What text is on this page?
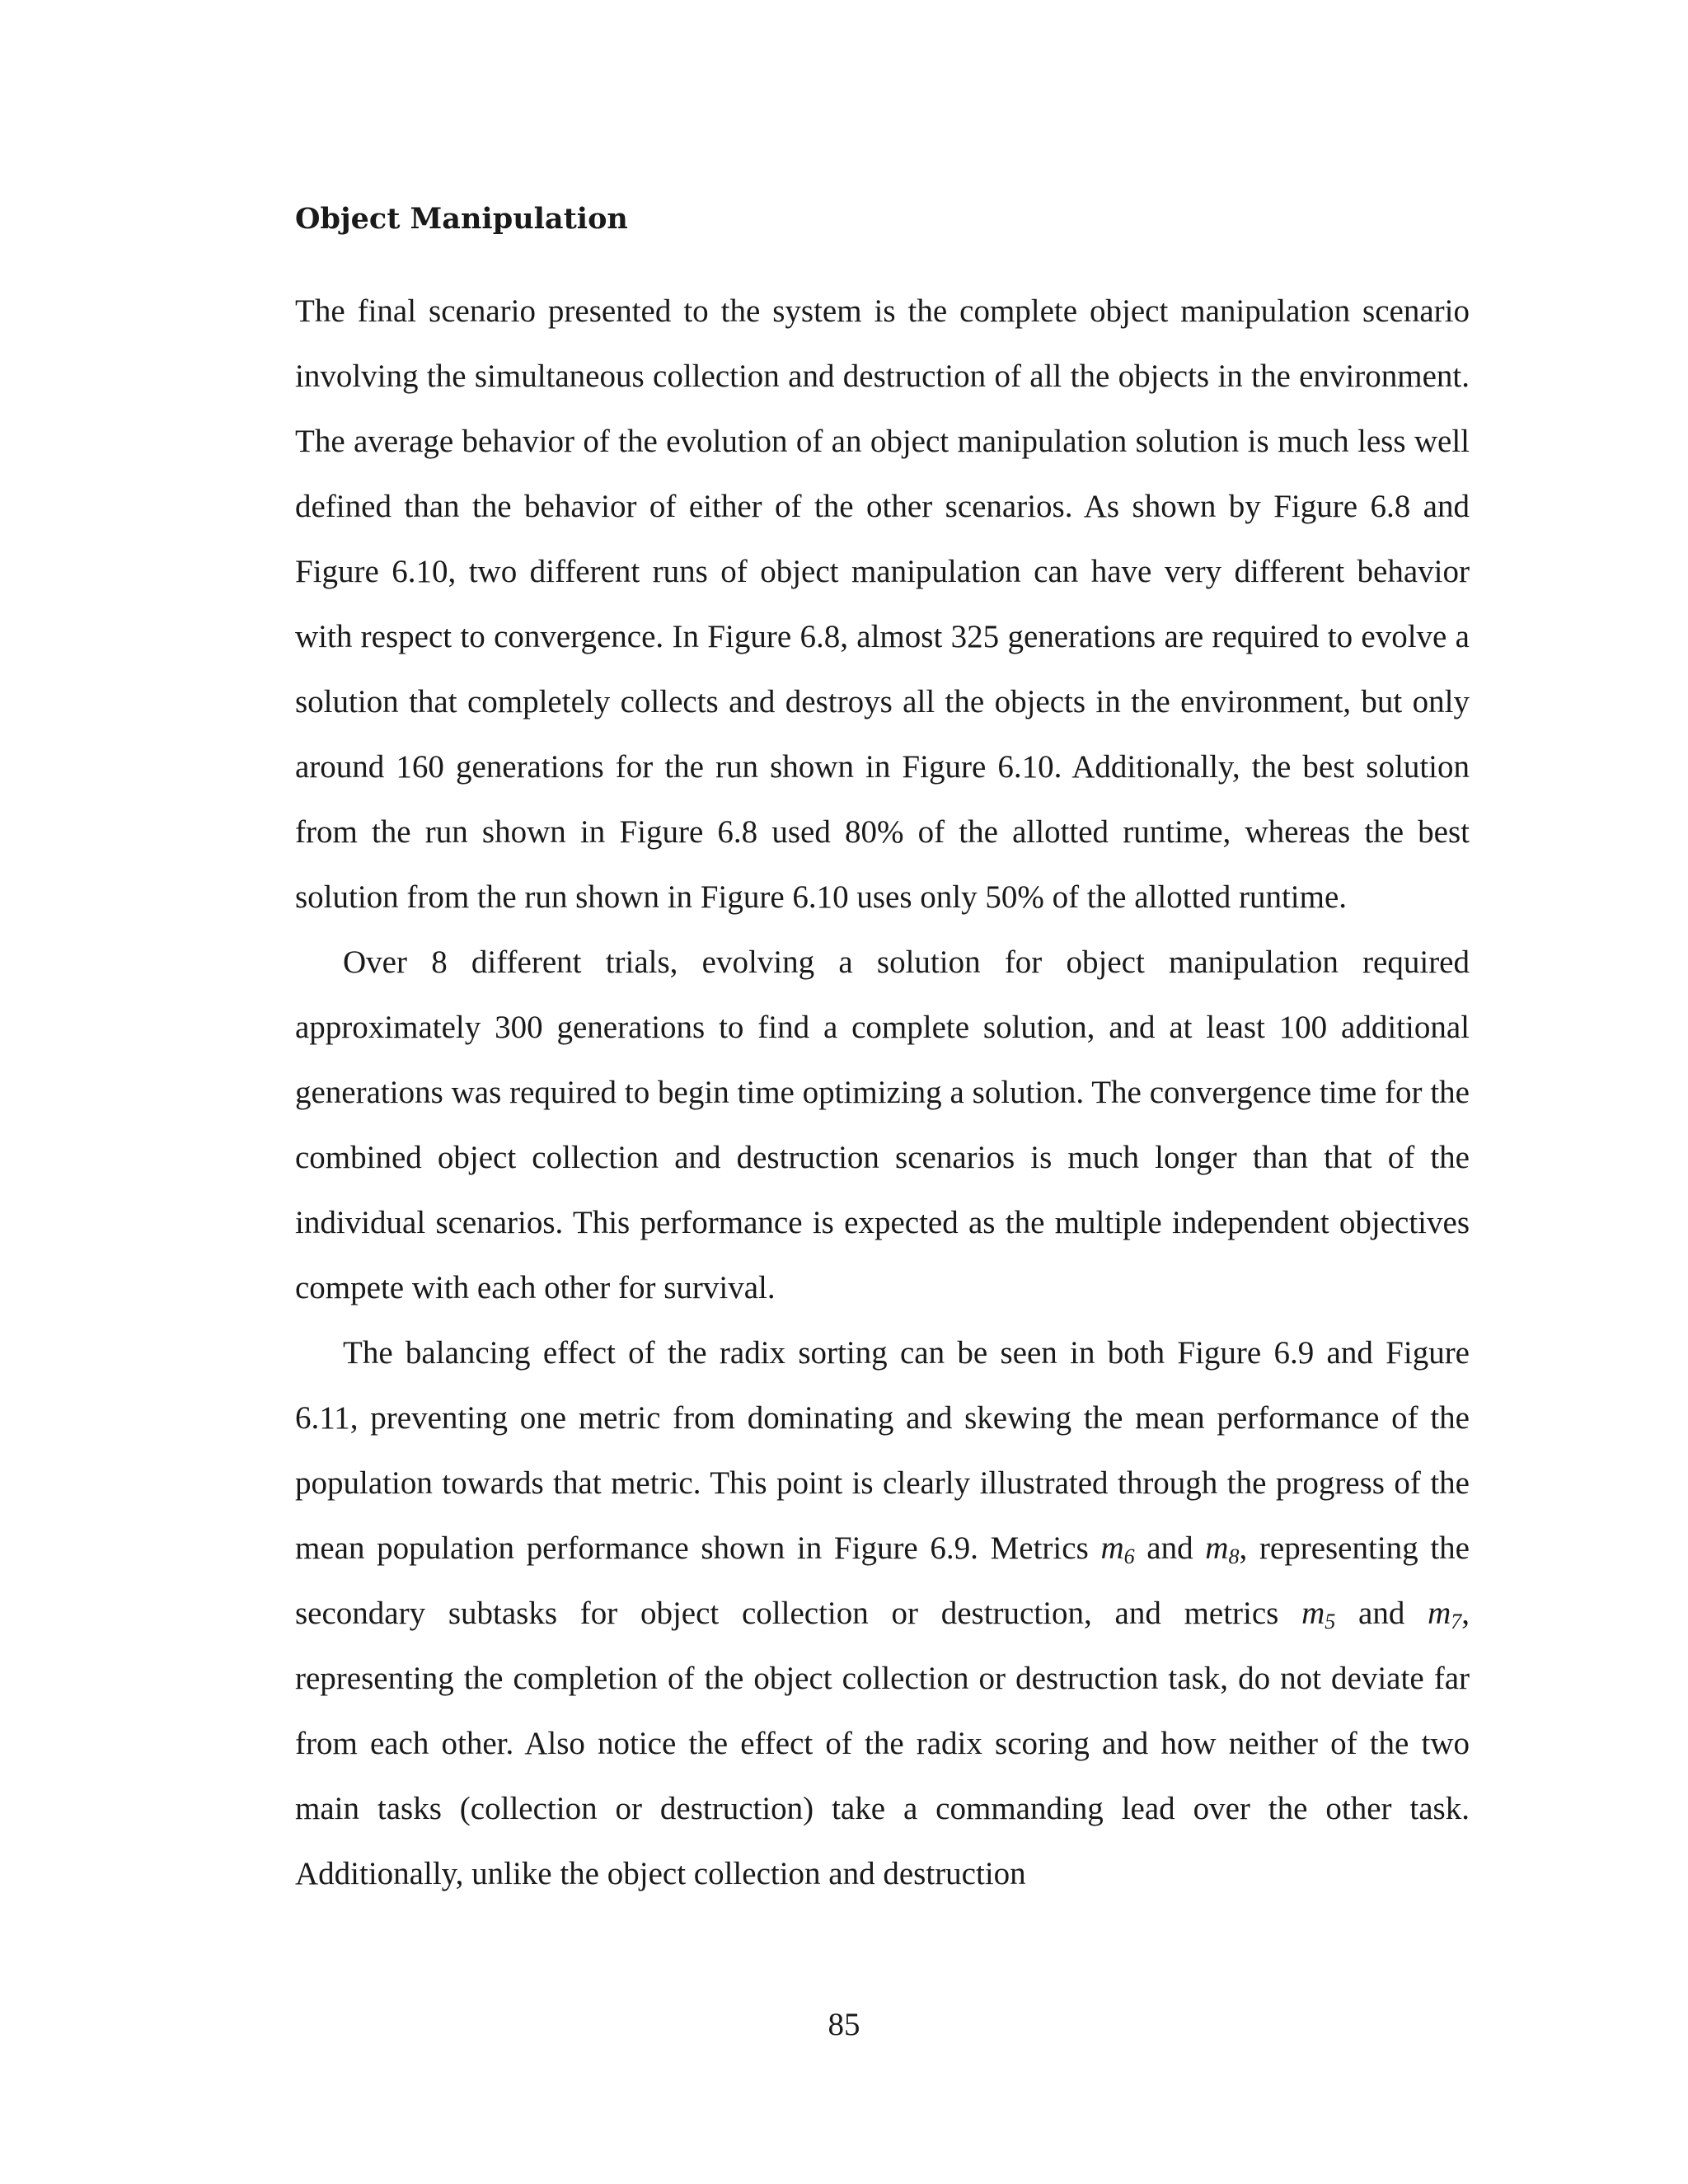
Object Manipulation

The final scenario presented to the system is the complete object manipulation scenario involving the simultaneous collection and destruction of all the objects in the environment. The average behavior of the evolution of an object manipulation solution is much less well defined than the behavior of either of the other scenarios. As shown by Figure 6.8 and Figure 6.10, two different runs of object manipulation can have very different behavior with respect to convergence. In Figure 6.8, almost 325 generations are required to evolve a solution that completely collects and destroys all the objects in the environment, but only around 160 generations for the run shown in Figure 6.10. Additionally, the best solution from the run shown in Figure 6.8 used 80% of the allotted runtime, whereas the best solution from the run shown in Figure 6.10 uses only 50% of the allotted runtime.

Over 8 different trials, evolving a solution for object manipulation required approximately 300 generations to find a complete solution, and at least 100 additional generations was required to begin time optimizing a solution. The convergence time for the combined object collection and destruction scenarios is much longer than that of the individual scenarios. This performance is expected as the multiple independent objectives compete with each other for survival.

The balancing effect of the radix sorting can be seen in both Figure 6.9 and Figure 6.11, preventing one metric from dominating and skewing the mean performance of the population towards that metric. This point is clearly illustrated through the progress of the mean population performance shown in Figure 6.9. Metrics $m_6$ and $m_8$, representing the secondary subtasks for object collection or destruction, and metrics $m_5$ and $m_7$, representing the completion of the object collection or destruction task, do not deviate far from each other. Also notice the effect of the radix scoring and how neither of the two main tasks (collection or destruction) take a commanding lead over the other task. Additionally, unlike the object collection and destruction

85
